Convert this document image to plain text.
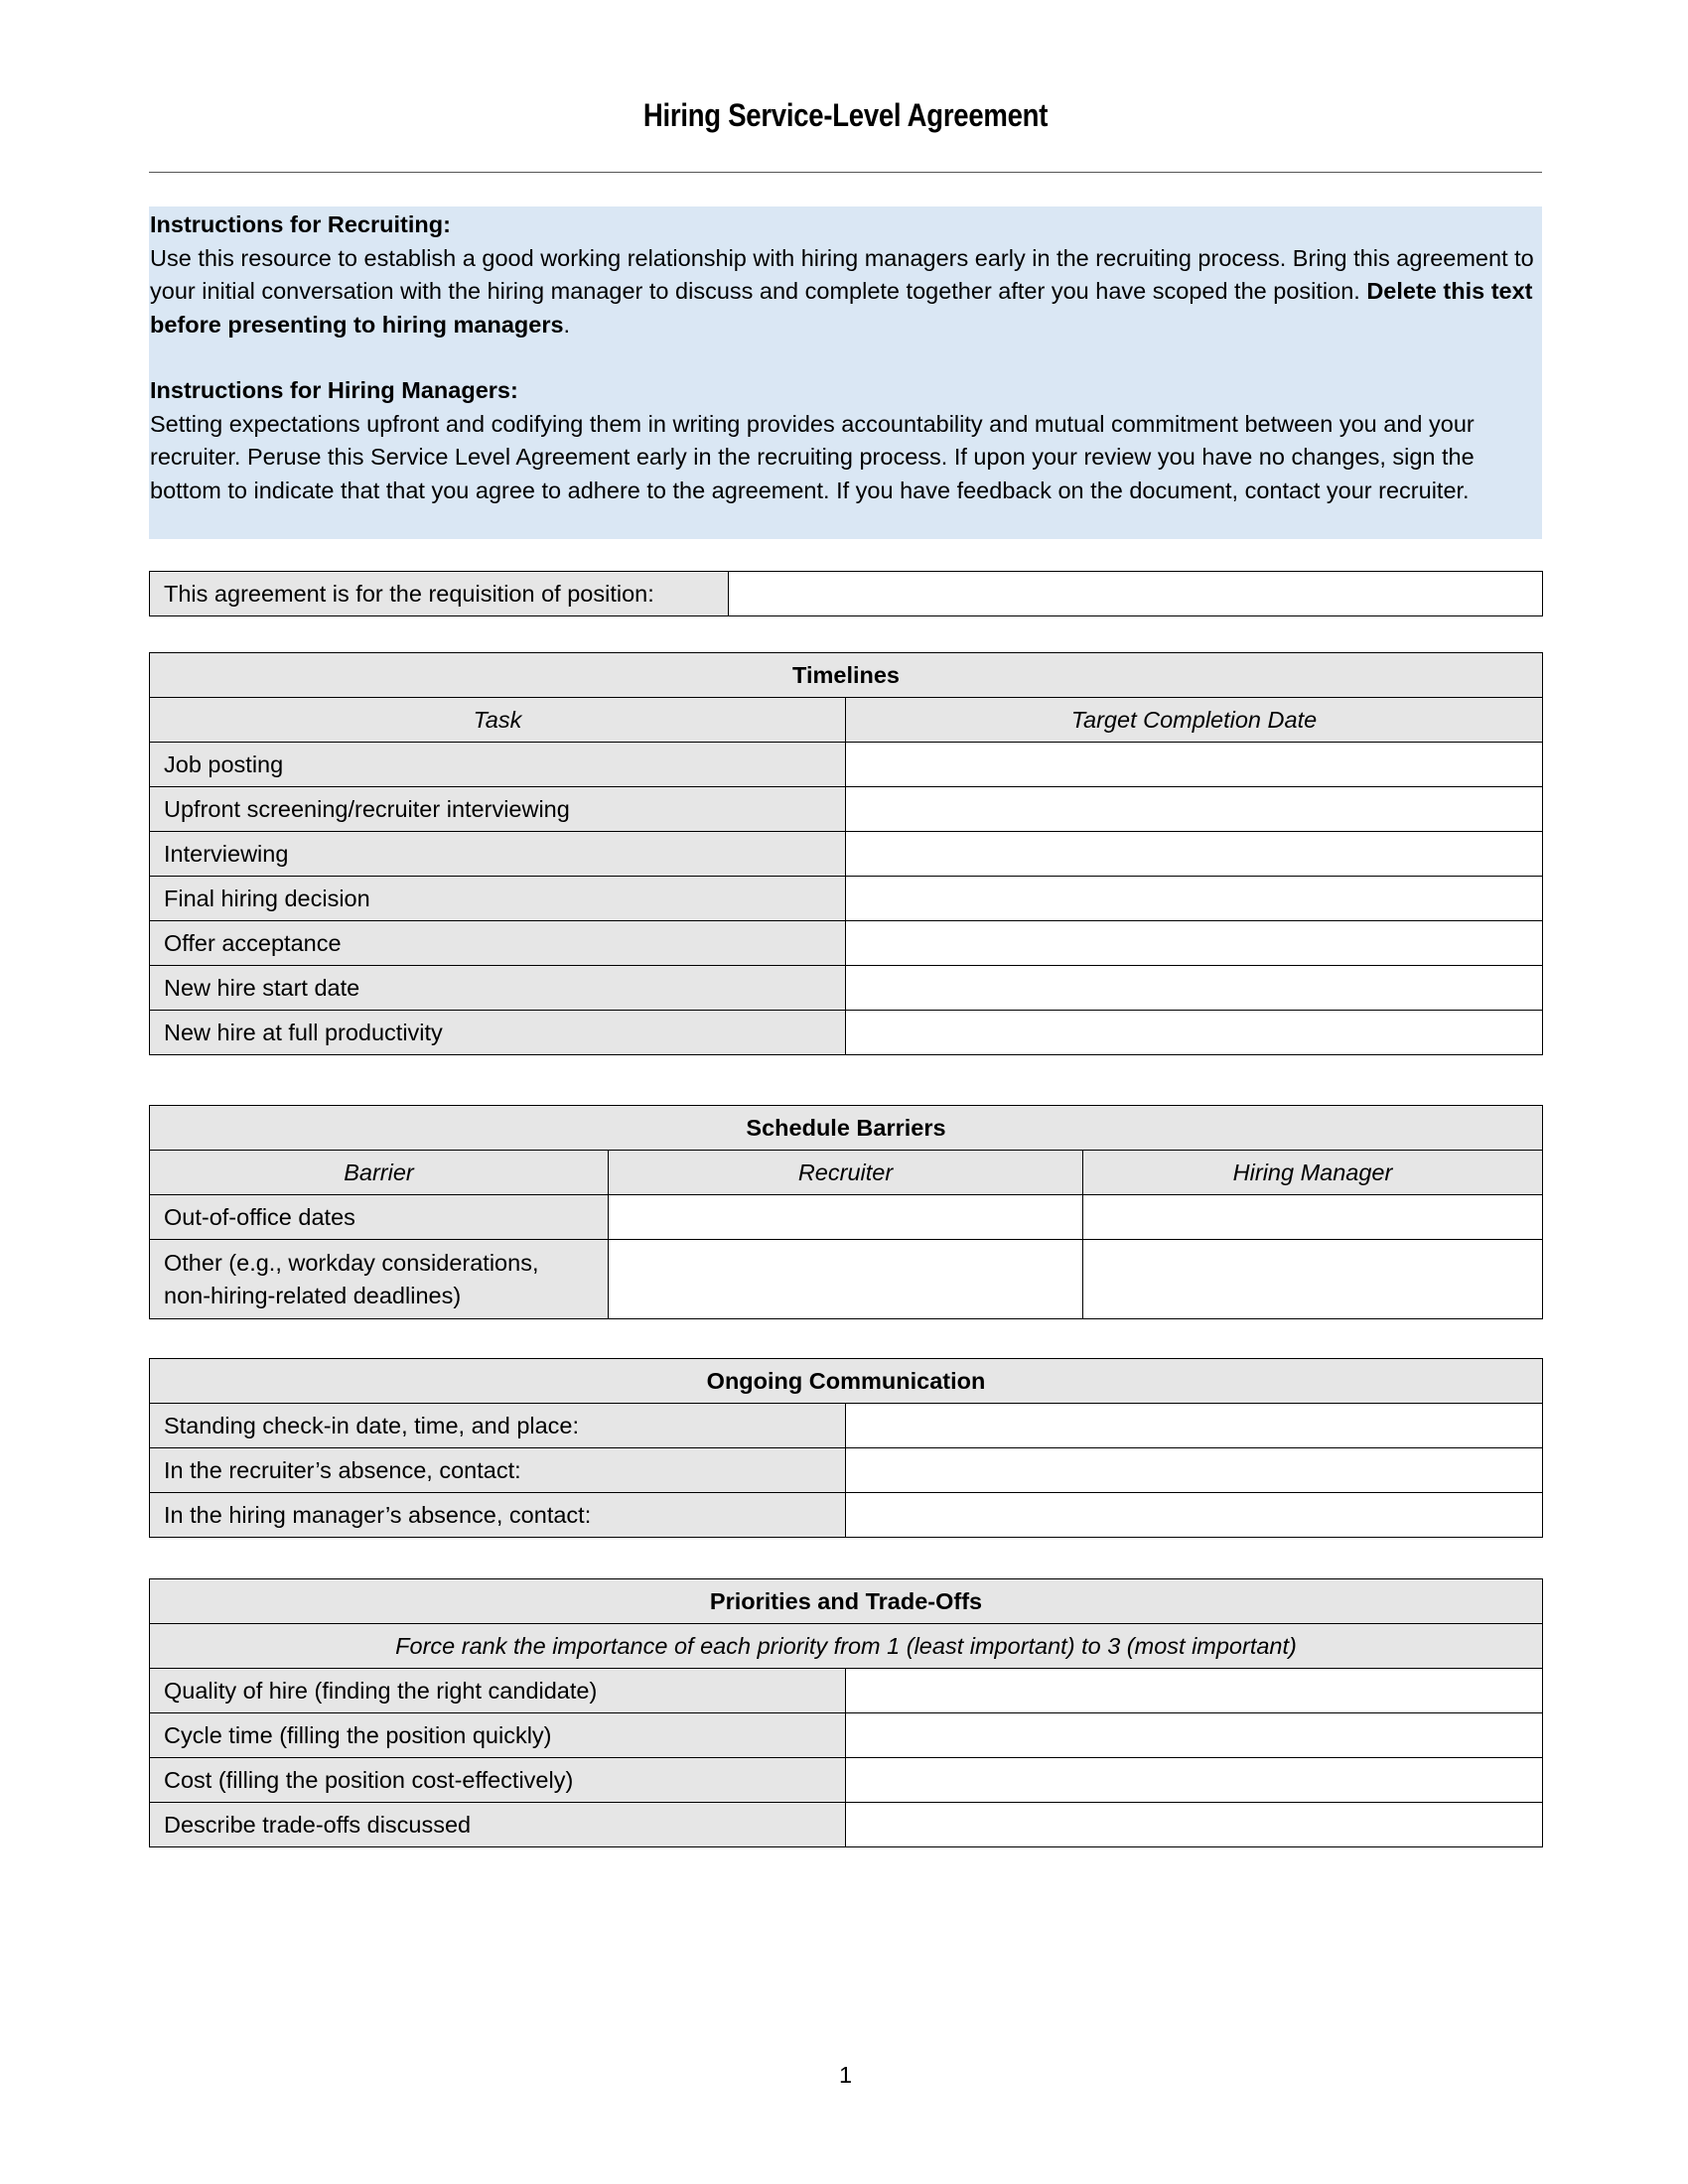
Hiring Service-Level Agreement

Instructions for Recruiting:
Use this resource to establish a good working relationship with hiring managers early in the recruiting process. Bring this agreement to your initial conversation with the hiring manager to discuss and complete together after you have scoped the position. Delete this text before presenting to hiring managers.

Instructions for Hiring Managers:
Setting expectations upfront and codifying them in writing provides accountability and mutual commitment between you and your recruiter. Peruse this Service Level Agreement early in the recruiting process. If upon your review you have no changes, sign the bottom to indicate that that you agree to adhere to the agreement. If you have feedback on the document, contact your recruiter.

This agreement is for the requisition of position:	
Timelines	
Task	Target Completion Date
Job posting	
Upfront screening/recruiter interviewing	
Interviewing	
Final hiring decision	
Offer acceptance	
New hire start date	
New hire at full productivity	
Schedule Barriers		
Barrier	Recruiter	Hiring Manager
Out-of-office dates		
Other (e.g., workday considerations,
non-hiring-related deadlines)		
Ongoing Communication	
Standing check-in date, time, and place:	
In the recruiter’s absence, contact:	
In the hiring manager’s absence, contact:	
Priorities and Trade-Offs	
Force rank the importance of each priority from 1 (least important) to 3 (most important)	
Quality of hire (finding the right candidate)	
Cycle time (filling the position quickly)	
Cost (filling the position cost-effectively)	
Describe trade-offs discussed	
1
